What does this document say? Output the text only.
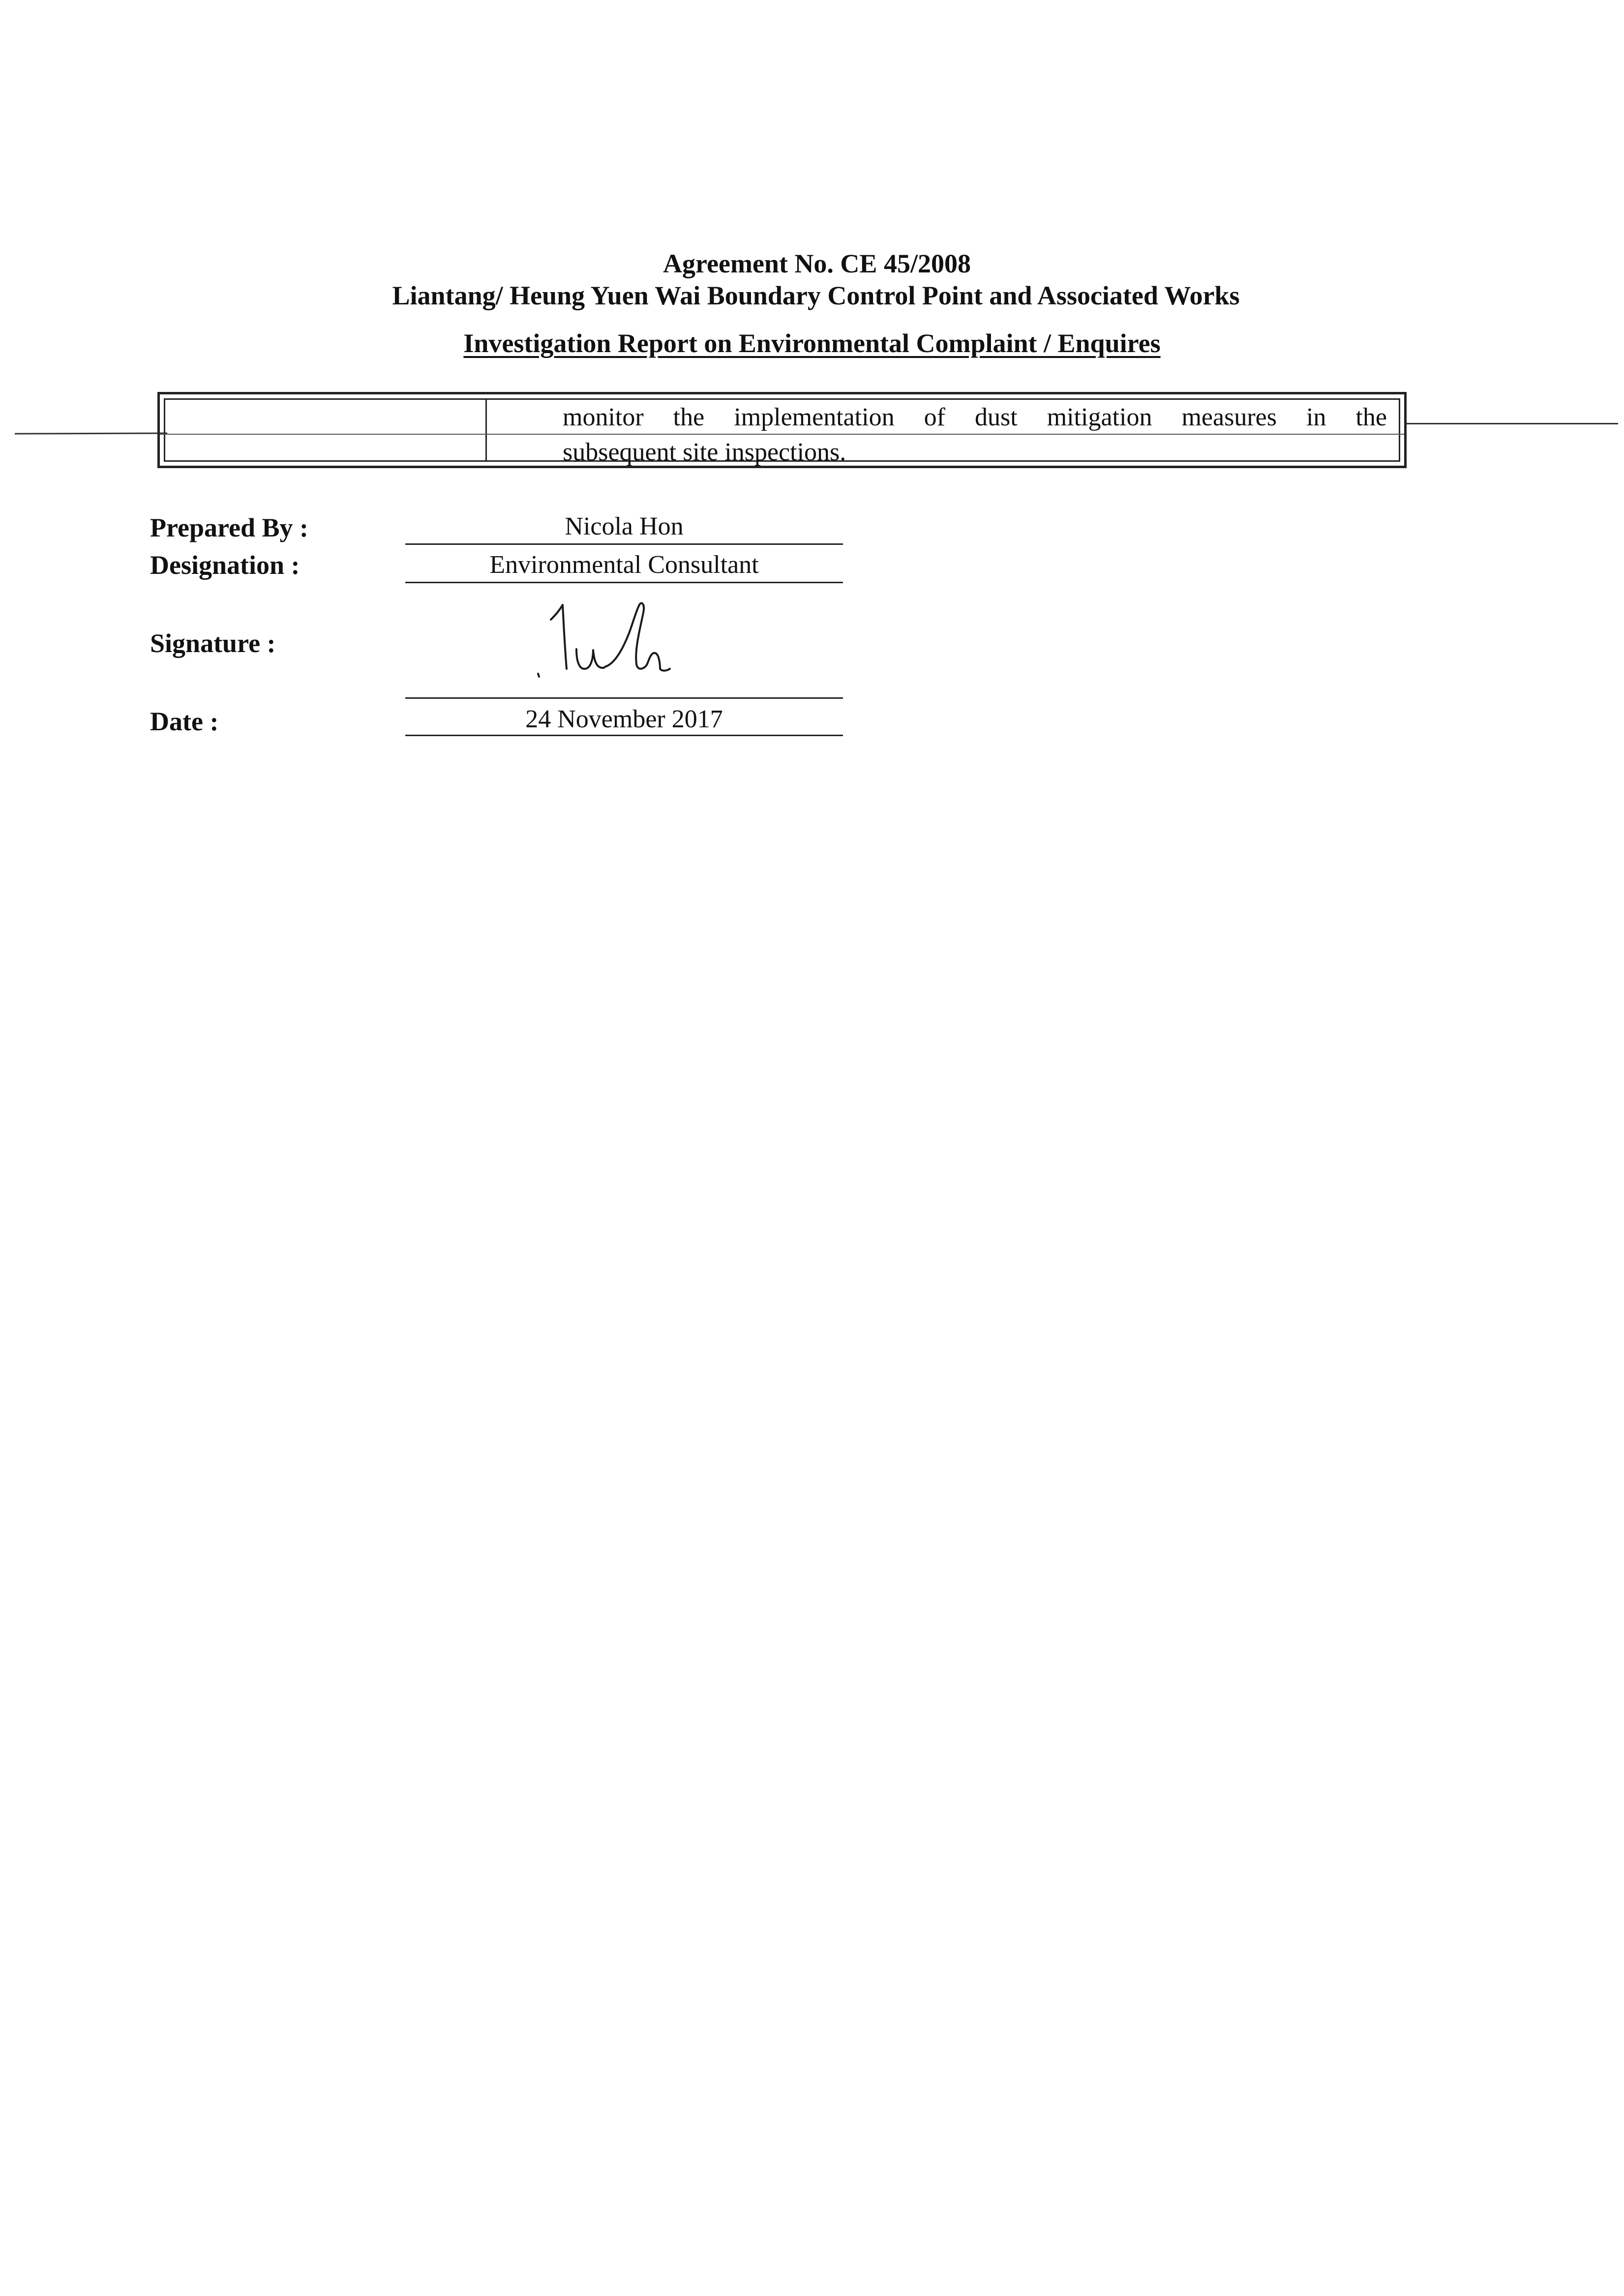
Agreement No. CE 45/2008
Liantang/ Heung Yuen Wai Boundary Control Point and Associated Works
Investigation Report on Environmental Complaint / Enquires
monitor the implementation of dust mitigation measures in the
subsequent site inspections.
Prepared By :	Nicola Hon
Designation :	Environmental Consultant
Signature :
Date :	24 November 2017
